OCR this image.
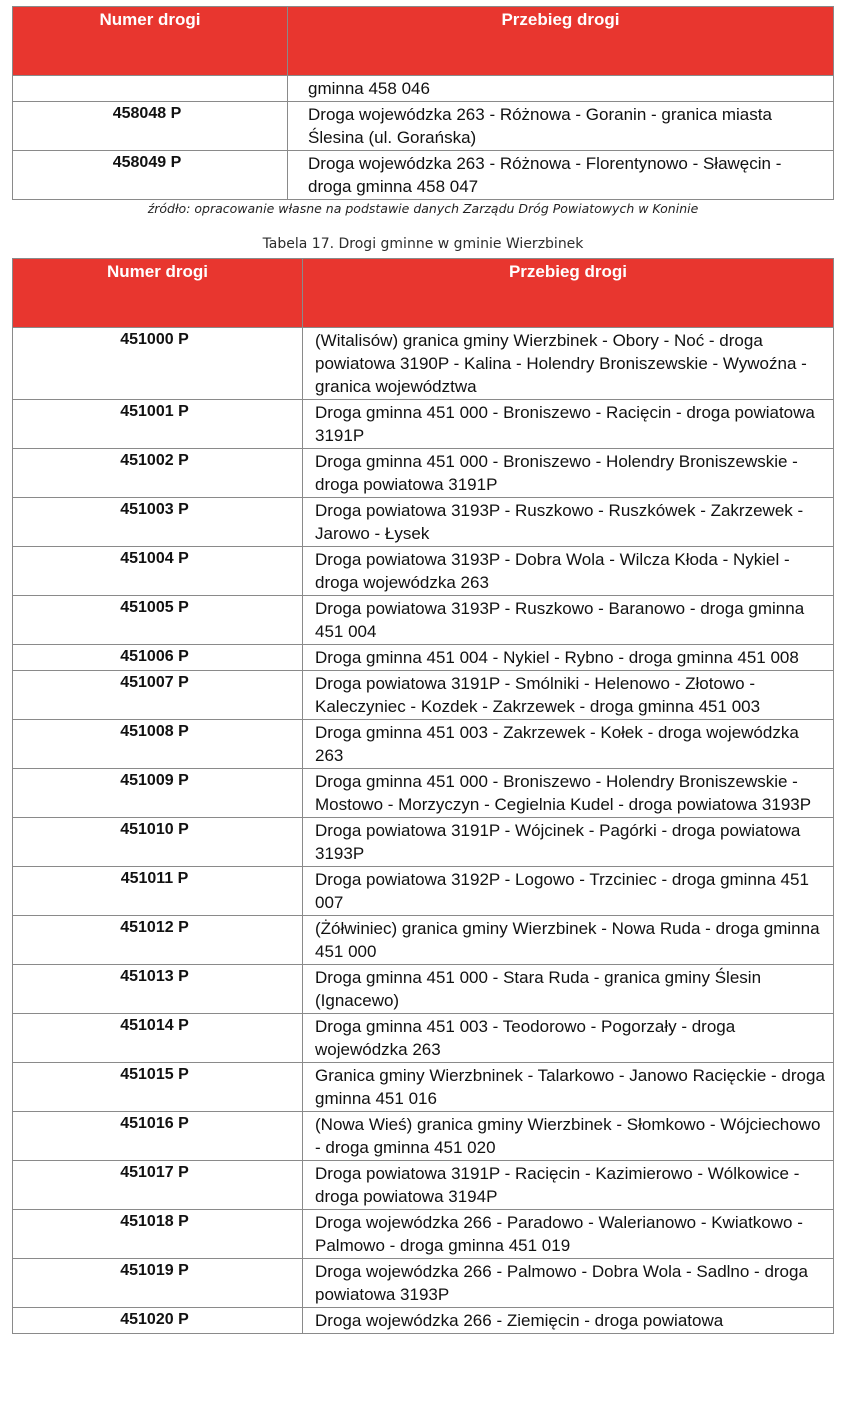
Numer drogi	Przebieg drogi
	gminna 458 046
458048 P	Droga wojewódzka 263 - Różnowa - Goranin - granica miasta Ślesina (ul. Gorańska)
458049 P	Droga wojewódzka 263 - Różnowa - Florentynowo - Sławęcin - droga gminna 458 047
źródło: opracowanie własne na podstawie danych Zarządu Dróg Powiatowych w Koninie
Tabela 17. Drogi gminne w gminie Wierzbinek
Numer drogi	Przebieg drogi
451000 P	(Witalisów) granica gminy Wierzbinek - Obory - Noć - droga powiatowa 3190P - Kalina - Holendry Broniszewskie - Wywoźna - granica województwa
451001 P	Droga gminna 451 000 - Broniszewo - Racięcin - droga powiatowa 3191P
451002 P	Droga gminna 451 000 - Broniszewo - Holendry Broniszewskie - droga powiatowa 3191P
451003 P	Droga powiatowa 3193P - Ruszkowo - Ruszkówek - Zakrzewek - Jarowo - Łysek
451004 P	Droga powiatowa 3193P - Dobra Wola - Wilcza Kłoda - Nykiel - droga wojewódzka 263
451005 P	Droga powiatowa 3193P - Ruszkowo - Baranowo - droga gminna 451 004
451006 P	Droga gminna 451 004 - Nykiel - Rybno - droga gminna 451 008
451007 P	Droga powiatowa 3191P - Smólniki - Helenowo - Złotowo - Kaleczyniec - Kozdek - Zakrzewek - droga gminna 451 003
451008 P	Droga gminna 451 003 - Zakrzewek - Kołek - droga wojewódzka 263
451009 P	Droga gminna 451 000 - Broniszewo - Holendry Broniszewskie - Mostowo - Morzyczyn - Cegielnia Kudel - droga powiatowa 3193P
451010 P	Droga powiatowa 3191P - Wójcinek - Pagórki - droga powiatowa 3193P
451011 P	Droga powiatowa 3192P - Logowo - Trzciniec - droga gminna 451 007
451012 P	(Żółwiniec) granica gminy Wierzbinek - Nowa Ruda - droga gminna 451 000
451013 P	Droga gminna 451 000 - Stara Ruda - granica gminy Ślesin (Ignacewo)
451014 P	Droga gminna 451 003 - Teodorowo - Pogorzały - droga wojewódzka 263
451015 P	Granica gminy Wierzbninek - Talarkowo - Janowo Racięckie - droga gminna 451 016
451016 P	(Nowa Wieś) granica gminy Wierzbinek - Słomkowo - Wójciechowo - droga gminna 451 020
451017 P	Droga powiatowa 3191P - Racięcin - Kazimierowo - Wólkowice - droga powiatowa 3194P
451018 P	Droga wojewódzka 266 - Paradowo - Walerianowo - Kwiatkowo - Palmowo - droga gminna 451 019
451019 P	Droga wojewódzka 266 - Palmowo - Dobra Wola - Sadlno - droga powiatowa 3193P
451020 P	Droga wojewódzka 266 - Ziemięcin - droga powiatowa
